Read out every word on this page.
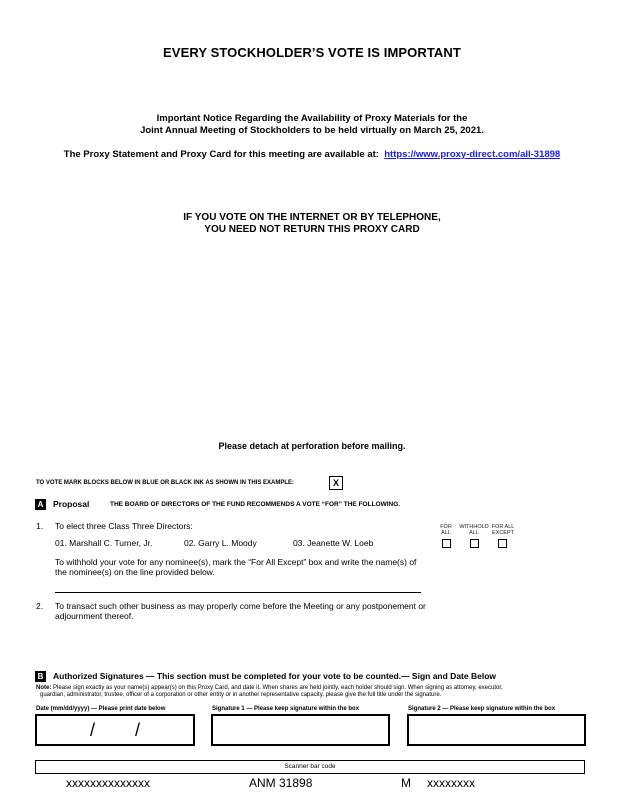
EVERY STOCKHOLDER’S VOTE IS IMPORTANT
Important Notice Regarding the Availability of Proxy Materials for the
Joint Annual Meeting of Stockholders to be held virtually on March 25, 2021.
The Proxy Statement and Proxy Card for this meeting are available at: https://www.proxy-direct.com/all-31898
IF YOU VOTE ON THE INTERNET OR BY TELEPHONE,
YOU NEED NOT RETURN THIS PROXY CARD
Please detach at perforation before mailing.
TO VOTE MARK BLOCKS BELOW IN BLUE OR BLACK INK AS SHOWN IN THIS EXAMPLE:	X
A	Proposal	THE BOARD OF DIRECTORS OF THE FUND RECOMMENDS A VOTE “FOR” THE FOLLOWING.
1. To elect three Class Three Directors:	FOR
ALL
WITHHOLD
ALL
FOR ALL
EXCEPT
01. Marshall C. Turner, Jr.	02. Garry L. Moody	03. Jeanette W. Loeb
To withhold your vote for any nominee(s), mark the “For All Except” box and write the name(s) of
the nominee(s) on the line provided below.
2. To transact such other business as may properly come before the Meeting or any postponement or
adjournment thereof.
B	Authorized Signatures — This section must be completed for your vote to be counted.— Sign and Date Below
Note: Please sign exactly as your name(s) appear(s) on this Proxy Card, and date it. When shares are held jointly, each holder should sign. When signing as attorney, executor,
guardian, administrator, trustee, officer of a corporation or other entity or in another representative capacity, please give the full title under the signature.
Date (mm/dd/yyyy) — Please print date below	Signature 1 — Please keep signature within the box	Signature 2 — Please keep signature within the box
/        /
Scanner bar code
xxxxxxxxxxxxxx	ANM 31898	M xxxxxxxx
